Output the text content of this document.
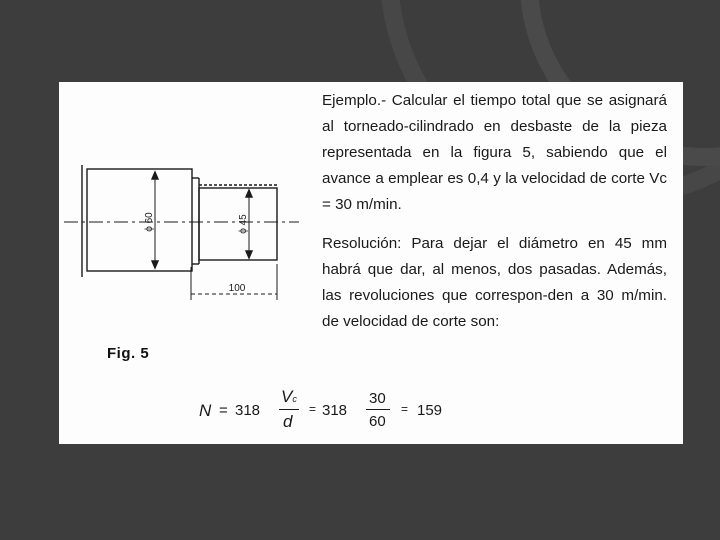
ϕ 60	ϕ 45
100
Fig. 5

Ejemplo.- Calcular el tiempo total que se asignará al torneado-cilindrado en desbaste de la pieza representada en la figura 5, sabiendo que el avance a emplear es 0,4 y la velocidad de corte Vc = 30 m/min.

Resolución: Para dejar el diámetro en 45 mm habrá que dar, al menos, dos pasadas. Además, las revoluciones que correspon-den a 30 m/min. de velocidad de corte son:

N = 318
Vc
d
= 318
30
60
= 159
